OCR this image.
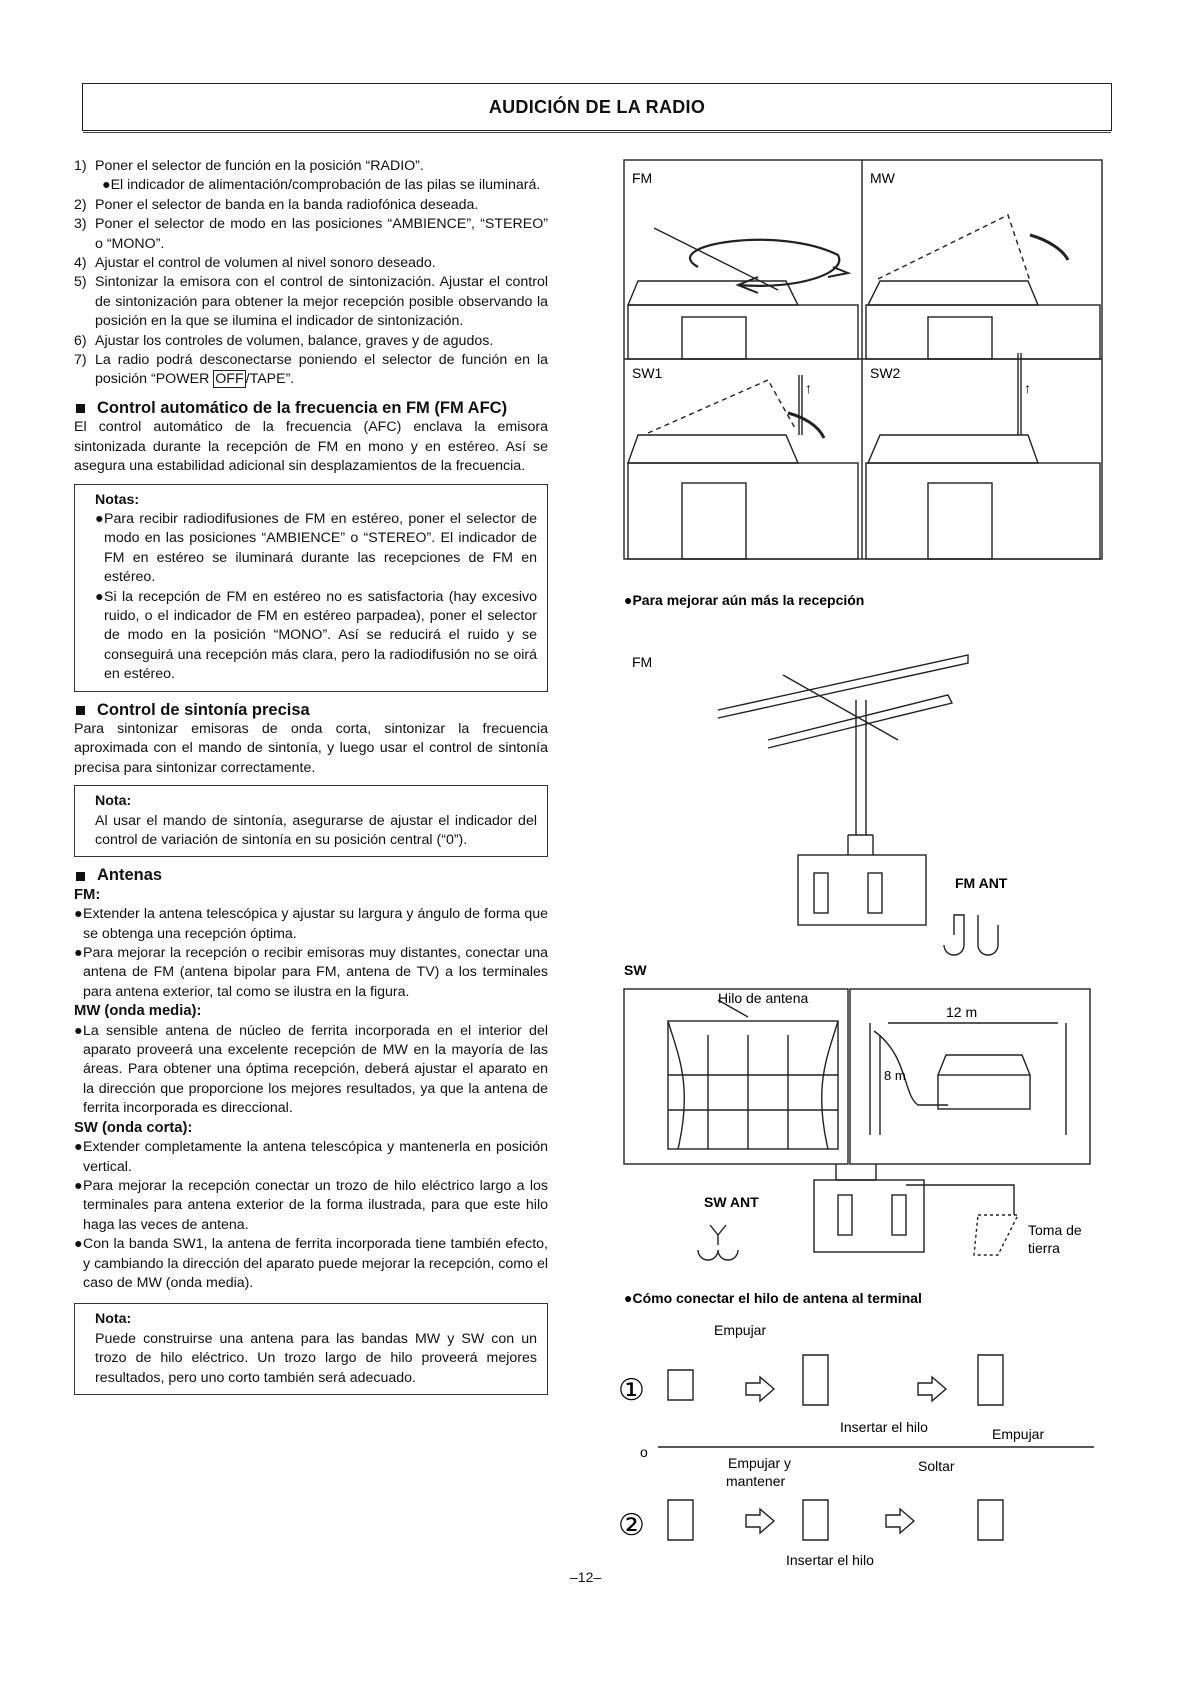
AUDICIÓN DE LA RADIO

1) Poner el selector de función en la posición “RADIO”.

●El indicador de alimentación/comprobación de las pilas se iluminará.

2) Poner el selector de banda en la banda radiofónica deseada.

3) Poner el selector de modo en las posiciones “AMBIENCE”, “STEREO” o “MONO”.

4) Ajustar el control de volumen al nivel sonoro deseado.

5) Sintonizar la emisora con el control de sintonización. Ajustar el control de sintonización para obtener la mejor recepción posible observando la posición en la que se ilumina el indicador de sintonización.

6) Ajustar los controles de volumen, balance, graves y de agudos.

7) La radio podrá desconectarse poniendo el selector de función en la posición “POWER OFF /TAPE”.

Control automático de la frecuencia en FM (FM AFC)

El control automático de la frecuencia (AFC) enclava la emisora sintonizada durante la recepción de FM en mono y en estéreo. Así se asegura una estabilidad adicional sin desplazamientos de la frecuencia.

Notas:
● Para recibir radiodifusiones de FM en estéreo, poner el selector de modo en las posiciones “AMBIENCE” o “STEREO”. El indicador de FM en estéreo se iluminará durante las recepciones de FM en estéreo.
● Si la recepción de FM en estéreo no es satisfactoria (hay excesivo ruido, o el indicador de FM en estéreo parpadea), poner el selector de modo en la posición “MONO”. Así se reducirá el ruido y se conseguirá una recepción más clara, pero la radiodifusión no se oirá en estéreo.
Control de sintonía precisa

Para sintonizar emisoras de onda corta, sintonizar la frecuencia aproximada con el mando de sintonía, y luego usar el control de sintonía precisa para sintonizar correctamente.

Nota:
Al usar el mando de sintonía, asegurarse de ajustar el indicador del control de variación de sintonía en su posición central (“0”).
Antenas
FM:
● Extender la antena telescópica y ajustar su largura y ángulo de forma que se obtenga una recepción óptima.
● Para mejorar la recepción o recibir emisoras muy distantes, conectar una antena de FM (antena bipolar para FM, antena de TV) a los terminales para antena exterior, tal como se ilustra en la figura.
MW (onda media):
● La sensible antena de núcleo de ferrita incorporada en el interior del aparato proveerá una excelente recepción de MW en la mayoría de las áreas. Para obtener una óptima recepción, deberá ajustar el aparato en la dirección que proporcione los mejores resultados, ya que la antena de ferrita incorporada es direccional.
SW (onda corta):
● Extender completamente la antena telescópica y mantenerla en posición vertical.
● Para mejorar la recepción conectar un trozo de hilo eléctrico largo a los terminales para antena exterior de la forma ilustrada, para que este hilo haga las veces de antena.
● Con la banda SW1, la antena de ferrita incorporada tiene también efecto, y cambiando la dirección del aparato puede mejorar la recepción, como el caso de MW (onda media).
Nota:
Puede construirse una antena para las bandas MW y SW con un trozo de hilo eléctrico. Un trozo largo de hilo proveerá mejores resultados, pero uno corto también será adecuado.
FM	MW
SW1	SW2
↑	↑
●Para mejorar aún más la recepción
FM
FM ANT
SW
Hilo de antena
12 m
8 m
SW ANT
Toma de
tierra
●Cómo conectar el hilo de antena al terminal
①
②
Empujar
Insertar el hilo	Empujar
o
Empujar y
mantener
Soltar
Insertar el hilo
–12–
